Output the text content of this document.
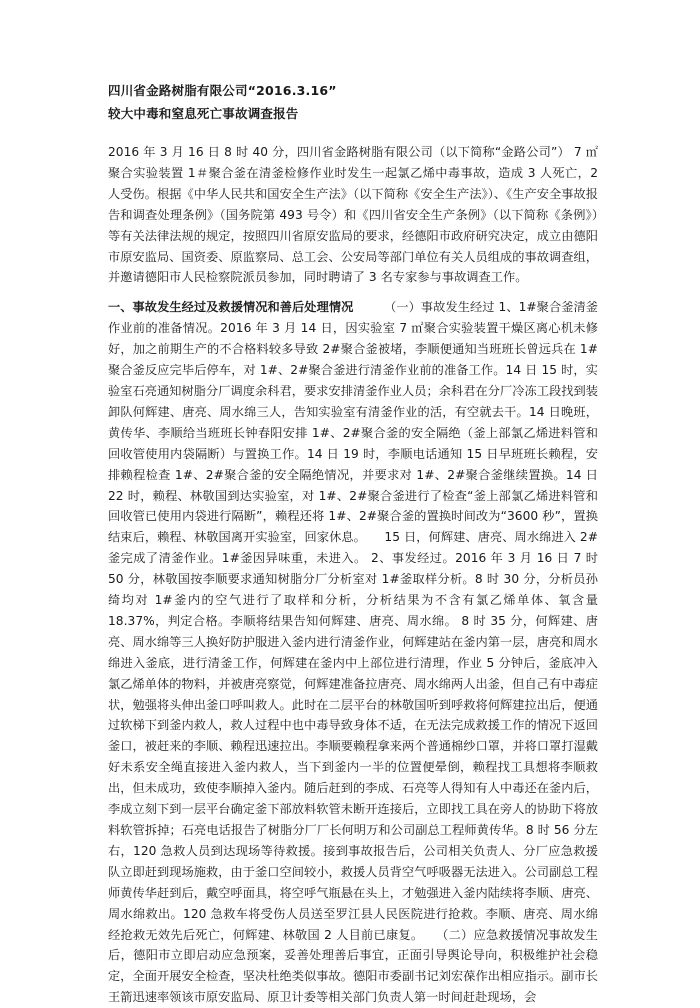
四川省金路树脂有限公司“2016.3.16”
较大中毒和窒息死亡事故调查报告

2016 年 3 月 16 日 8 时 40 分，四川省金路树脂有限公司（以下简称“金路公司”） 7 ㎡聚合实验装置 1＃聚合釜在清釜检修作业时发生一起氯乙烯中毒事故，造成 3 人死亡，2 人受伤。根据《中华人民共和国安全生产法》（以下简称《安全生产法》）、《生产安全事故报告和调查处理条例》（国务院第 493 号令）和《四川省安全生产条例》（以下简称《条例》）等有关法律法规的规定，按照四川省原安监局的要求，经德阳市政府研究决定，成立由德阳市原安监局、国资委、原监察局、总工会、公安局等部门单位有关人员组成的事故调查组，并邀请德阳市人民检察院派员参加，同时聘请了 3 名专家参与事故调查工作。

一、事故发生经过及救援情况和善后处理情况　　　	（一）事故发生经过 1、1#聚合釜清釜作业前的准备情况。2016 年 3 月 14 日，因实验室 7 ㎡聚合实验装置干燥区离心机未修好，加之前期生产的不合格料较多导致 2#聚合釜被堵，李顺便通知当班班长曾远兵在 1#聚合釜反应完毕后停车，对 1#、2#聚合釜进行清釜作业前的准备工作。14 日 15 时，实验室石亮通知树脂分厂调度余科君，要求安排清釜作业人员；余科君在分厂冷冻工段找到装卸队何辉建、唐亮、周水绵三人，告知实验室有清釜作业的活，有空就去干。14 日晚班，黄传华、李顺给当班班长钟春阳安排 1#、2#聚合釜的安全隔绝（釜上部氯乙烯进料管和回收管使用内袋隔断）与置换工作。14 日 19 时，李顺电话通知 15 日早班班长赖程，安排赖程检查 1#、2#聚合釜的安全隔绝情况，并要求对 1#、2#聚合釜继续置换。14 日 22 时，赖程、林敬国到达实验室，对 1#、2#聚合釜进行了检查“釜上部氯乙烯进料管和回收管已使用内袋进行隔断”，赖程还将 1#、2#聚合釜的置换时间改为“3600 秒”，置换结束后，赖程、林敬国离开实验室，回家休息。　　15 日，何辉建、唐亮、周水绵进入 2#釜完成了清釜作业。1#釜因异味重，未进入。 2、事发经过。2016 年 3 月 16 日 7 时 50 分，林敬国按李顺要求通知树脂分厂分析室对 1#釜取样分析。8 时 30 分，分析员孙绮均对 1#釜内的空气进行了取样和分析，分析结果为不含有氯乙烯单体、氧含量 18.37%，判定合格。李顺将结果告知何辉建、唐亮、周水绵。 8 时 35 分，何辉建、唐亮、周水绵等三人换好防护服进入釜内进行清釜作业，何辉建站在釜内第一层，唐亮和周水绵进入釜底，进行清釜工作，何辉建在釜内中上部位进行清理，作业 5 分钟后，釜底冲入氯乙烯单体的物料，并被唐亮察觉，何辉建准备拉唐亮、周水绵两人出釜，但自己有中毒症状，勉强将头伸出釜口呼叫救人。此时在二层平台的林敬国听到呼救将何辉建拉出后，便通过软梯下到釜内救人，救人过程中也中毒导致身体不适，在无法完成救援工作的情况下返回釜口，被赶来的李顺、赖程迅速拉出。李顺要赖程拿来两个普通棉纱口罩，并将口罩打湿戴好未系安全绳直接进入釜内救人，当下到釜内一半的位置便晕倒，赖程找工具想将李顺救出，但未成功，致使李顺掉入釜内。随后赶到的李成、石亮等人得知有人中毒还在釜内后，李成立刻下到一层平台确定釜下部放料软管未断开连接后，立即找工具在旁人的协助下将放料软管拆掉；石亮电话报告了树脂分厂厂长何明万和公司副总工程师黄传华。8 时 56 分左右，120 急救人员到达现场等待救援。接到事故报告后，公司相关负责人、分厂应急救援队立即赶到现场施救，由于釜口空间较小，救援人员背空气呼吸器无法进入。公司副总工程师黄传华赶到后，戴空呼面具，将空呼气瓶悬在头上，才勉强进入釜内陆续将李顺、唐亮、周水绵救出。120 急救车将受伤人员送至罗江县人民医院进行抢救。李顺、唐亮、周水绵经抢救无效先后死亡，何辉建、林敬国 2 人目前已康复。　　（二）应急救援情况事故发生后，德阳市立即启动应急预案，妥善处理善后事宜，正面引导舆论导向，积极维护社会稳定，全面开展安全检查，坚决杜绝类似事故。德阳市委副书记刘宏葆作出相应指示。副市长王箭迅速率领该市原安监局、原卫计委等相关部门负责人第一时间赶赴现场，会
